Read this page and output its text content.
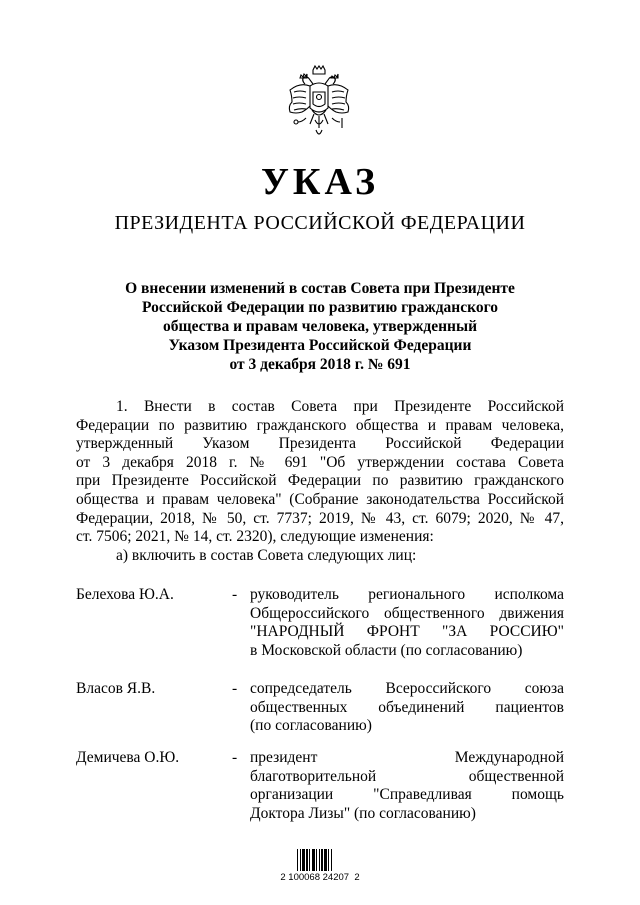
УКАЗ
ПРЕЗИДЕНТА РОССИЙСКОЙ ФЕДЕРАЦИИ
О внесении изменений в состав Совета при Президенте
Российской Федерации по развитию гражданского
общества и правам человека, утвержденный
Указом Президента Российской Федерации
от 3 декабря 2018 г. № 691
1. Внести в состав Совета при Президенте Российской
Федерации по развитию гражданского общества и правам человека,
утвержденный Указом Президента Российской Федерации
от 3 декабря 2018 г. № 691 "Об утверждении состава Совета
при Президенте Российской Федерации по развитию гражданского
общества и правам человека" (Собрание законодательства Российской
Федерации, 2018, № 50, ст. 7737; 2019, № 43, ст. 6079; 2020, № 47,
ст. 7506; 2021, № 14, ст. 2320), следующие изменения:
а) включить в состав Совета следующих лиц:
Белехова Ю.А.	- руководитель регионального исполкома
Общероссийского общественного движения
"НАРОДНЫЙ ФРОНТ "ЗА РОССИЮ"
в Московской области (по согласованию)
Власов Я.В.	- сопредседатель Всероссийского союза
общественных объединений пациентов
(по согласованию)
Демичева О.Ю.	- президент Международной
благотворительной общественной
организации "Справедливая помощь
Доктора Лизы" (по согласованию)
2 100068 24207  2
